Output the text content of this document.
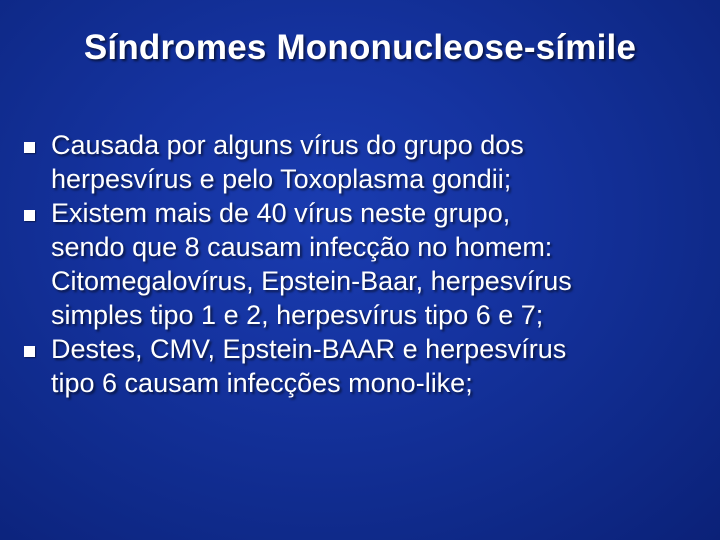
Síndromes Mononucleose-símile
Causada por alguns vírus do grupo dos
herpesvírus e pelo Toxoplasma gondii;
Existem mais de 40 vírus neste grupo,
sendo que 8 causam infecção no homem:
Citomegalovírus, Epstein-Baar, herpesvírus
simples tipo 1 e 2, herpesvírus tipo 6 e 7;
Destes, CMV, Epstein-BAAR e herpesvírus
tipo 6 causam infecções mono-like;
